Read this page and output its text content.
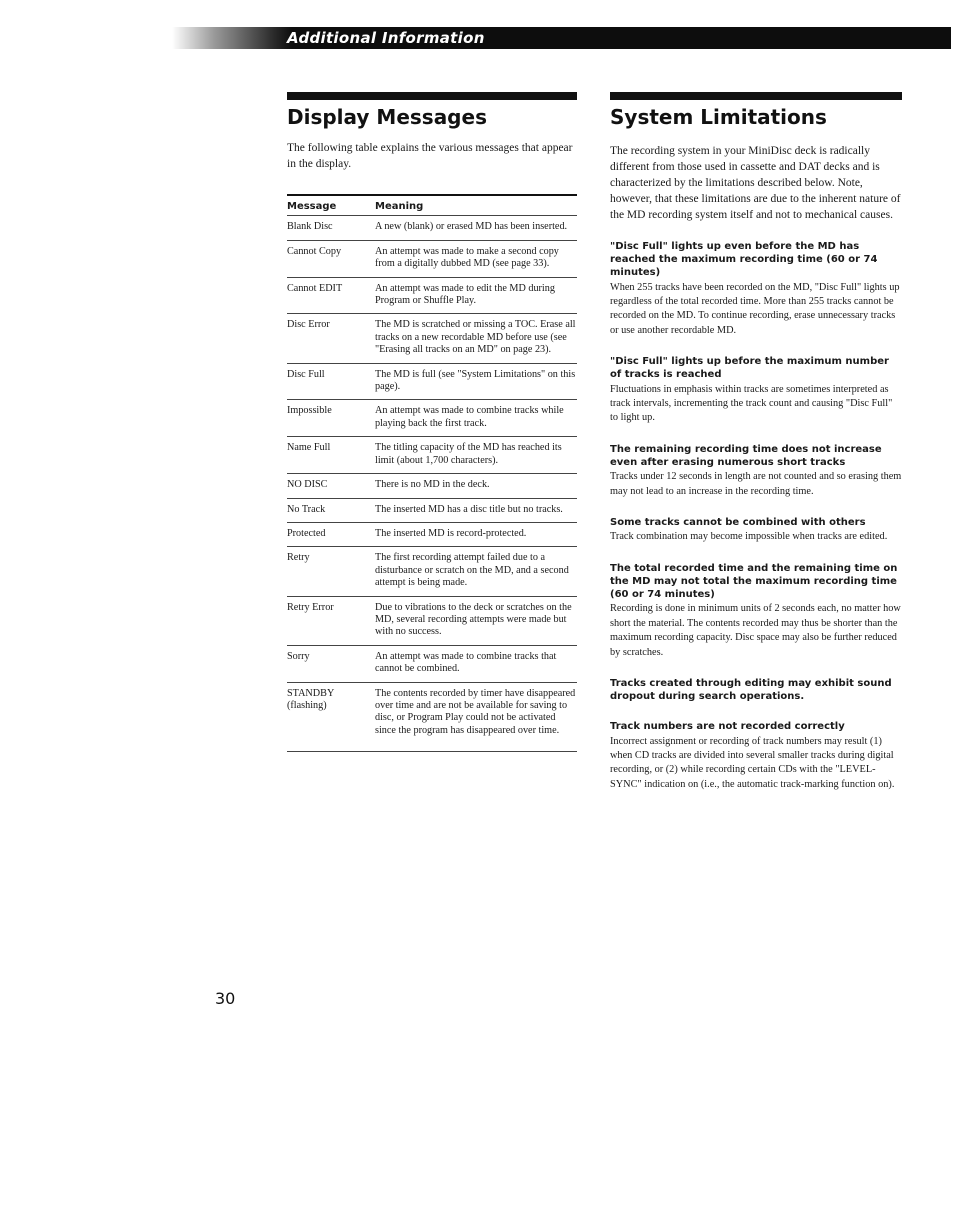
Additional Information
Display Messages

The following table explains the various messages that appear in the display.

Message	Meaning
Blank Disc	A new (blank) or erased MD has been inserted.
Cannot Copy	An attempt was made to make a second copy from a digitally dubbed MD (see page 33).
Cannot EDIT	An attempt was made to edit the MD during Program or Shuffle Play.
Disc Error	The MD is scratched or missing a TOC. Erase all tracks on a new recordable MD before use (see "Erasing all tracks on an MD" on page 23).
Disc Full	The MD is full (see "System Limitations" on this page).
Impossible	An attempt was made to combine tracks while playing back the first track.
Name Full	The titling capacity of the MD has reached its limit (about 1,700 characters).
NO DISC	There is no MD in the deck.
No Track	The inserted MD has a disc title but no tracks.
Protected	The inserted MD is record-protected.
Retry	The first recording attempt failed due to a disturbance or scratch on the MD, and a second attempt is being made.
Retry Error	Due to vibrations to the deck or scratches on the MD, several recording attempts were made but with no success.
Sorry	An attempt was made to combine tracks that cannot be combined.
STANDBY (flashing)	The contents recorded by timer have disappeared over time and are not be available for saving to disc, or Program Play could not be activated since the program has disappeared over time.
System Limitations

The recording system in your MiniDisc deck is radically different from those used in cassette and DAT decks and is characterized by the limitations described below. Note, however, that these limitations are due to the inherent nature of the MD recording system itself and not to mechanical causes.

"Disc Full" lights up even before the MD has reached the maximum recording time (60 or 74 minutes)

When 255 tracks have been recorded on the MD, "Disc Full" lights up regardless of the total recorded time. More than 255 tracks cannot be recorded on the MD. To continue recording, erase unnecessary tracks or use another recordable MD.

"Disc Full" lights up before the maximum number of tracks is reached

Fluctuations in emphasis within tracks are sometimes interpreted as track intervals, incrementing the track count and causing "Disc Full" to light up.

The remaining recording time does not increase even after erasing numerous short tracks

Tracks under 12 seconds in length are not counted and so erasing them may not lead to an increase in the recording time.

Some tracks cannot be combined with others

Track combination may become impossible when tracks are edited.

The total recorded time and the remaining time on the MD may not total the maximum recording time (60 or 74 minutes)

Recording is done in minimum units of 2 seconds each, no matter how short the material. The contents recorded may thus be shorter than the maximum recording capacity. Disc space may also be further reduced by scratches.

Tracks created through editing may exhibit sound dropout during search operations.

Track numbers are not recorded correctly

Incorrect assignment or recording of track numbers may result (1) when CD tracks are divided into several smaller tracks during digital recording, or (2) while recording certain CDs with the "LEVEL-SYNC" indication on (i.e., the automatic track-marking function on).

30
